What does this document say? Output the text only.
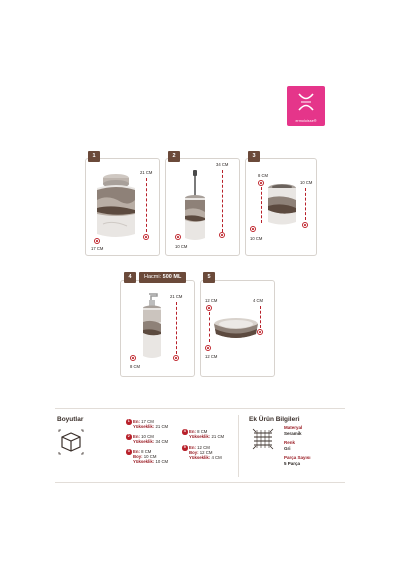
ermoloisse®
1
21 CM
17 CM
2
34 CM
10 CM
3
8 CM
10 CM
10 CM
4	Hacmi: 500 ML
21 CM
8 CM
5
12 CM	4 CM
12 CM
Boyutlar	1 En: 17 CM
Yükseklik: 21 CM
2 En: 10 CM
Yükseklik: 34 CM
3 En: 8 CM
Boy: 10 CM
Yükseklik: 10 CM
4 En: 8 CM
Yükseklik: 21 CM
5 En: 12 CM
Boy: 12 CM
Yükseklik: 4 CM
Ek Ürün Bilgileri
Materyal
Seramik
Renk
Gri
Parça Sayısı
5 Parça
